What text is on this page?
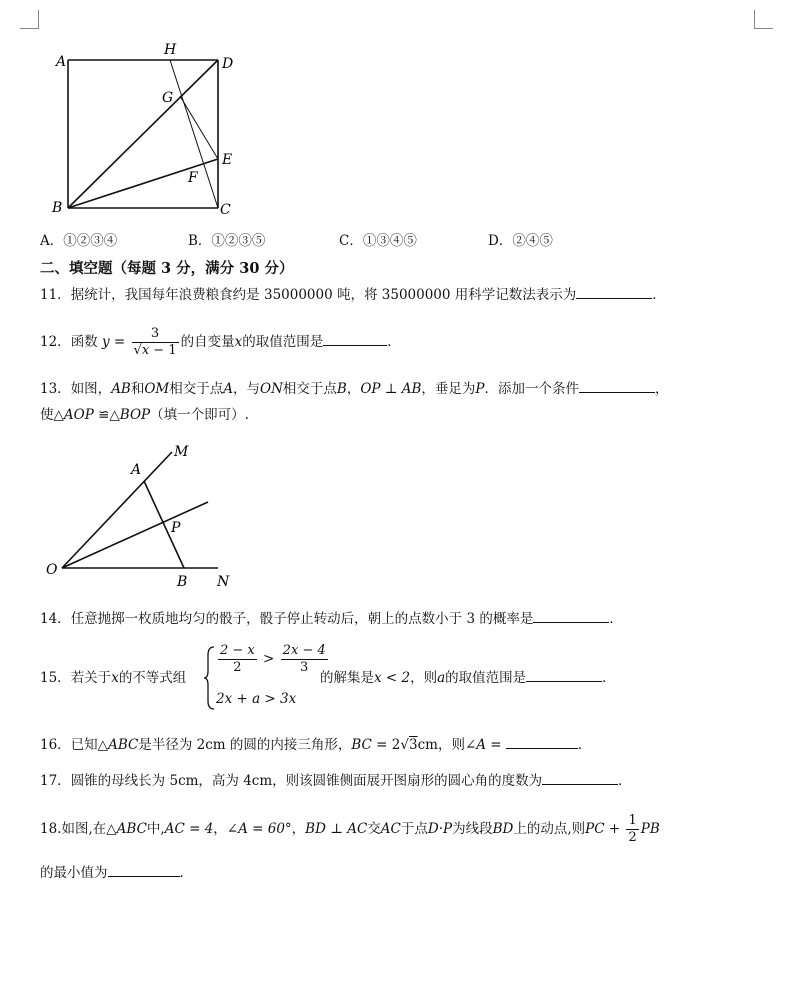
A
H
D
G
E
F
B	C
A．①②③④	B．①②③⑤	C．①③④⑤	D．②④⑤
二、填空题（每题 3 分，满分 30 分）
11．据统计，我国每年浪费粮食约是 35000000 吨，将 35000000 用科学记数法表示为	．
12．函数 $y = \frac{3}{√x - 1}$ 的自变量x的取值范围是	．
13．如图，AB和OM相交于点A，与ON相交于点B，OP ⊥ AB，垂足为P．添加一个条件	，
使△AOP ≌△BOP（填一个即可）.
M
A
P
O
B N
14．任意抛掷一枚质地均匀的骰子，骰子停止转动后，朝上的点数小于 3 的概率是	．
15．若关于x的不等式组
$\frac{2 - x}{2} > \frac{2x - 4}{3}$
2x + a > 3x
的解集是x < 2，则a的取值范围是	．
16．已知△ABC是半径为 2cm 的圆的内接三角形，BC = 2√3cm，则∠A =	．
17．圆锥的母线长为 5cm，高为 4cm，则该圆锥侧面展开图扇形的圆心角的度数为	．
18.如图,在△ABC中,AC = 4，∠A = 60°，BD ⊥ AC交AC于点D·P为线段BD上的动点,则PC + $\frac{1}{2}$ PB
的最小值为	．
